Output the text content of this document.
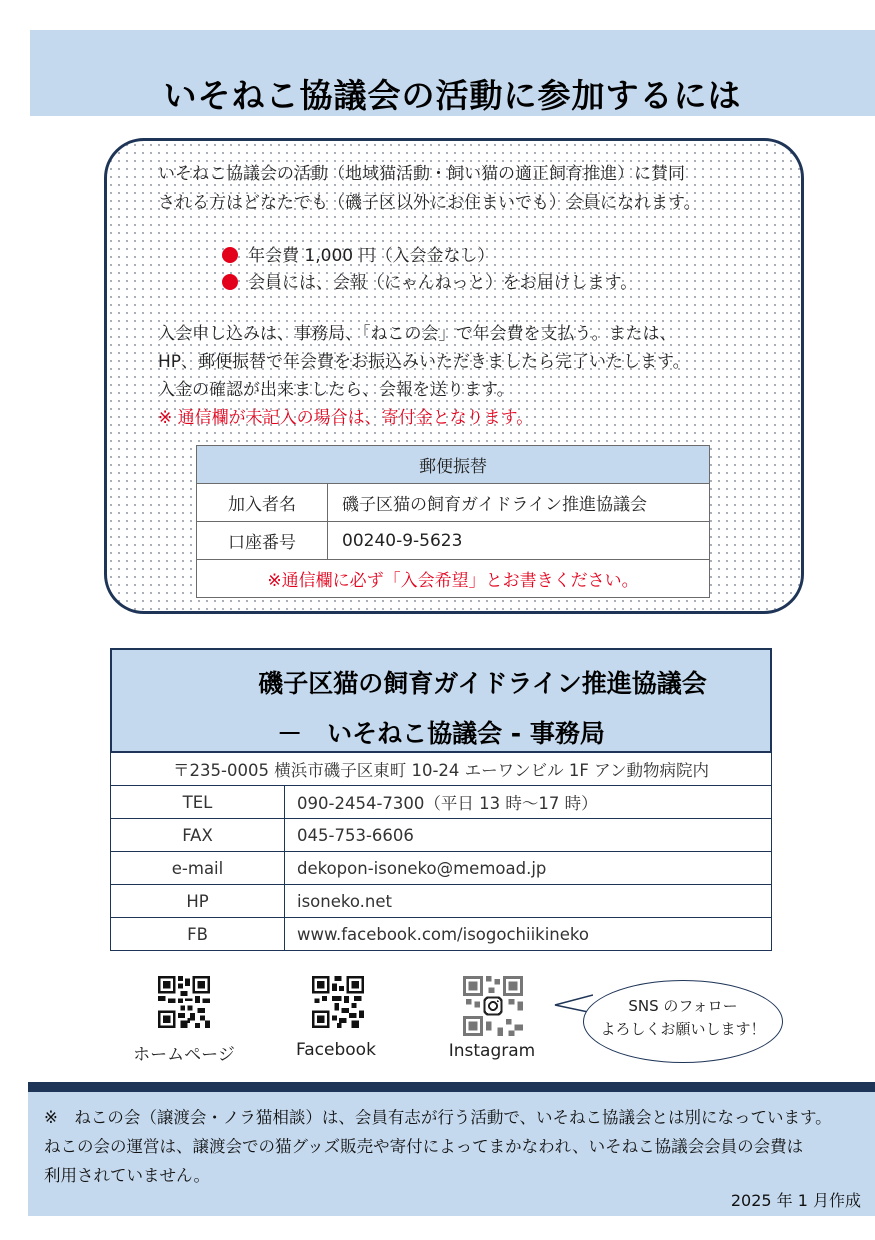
いそねこ協議会の活動に参加するには
いそねこ協議会の活動（地域猫活動・飼い猫の適正飼育推進）に賛同
される方はどなたでも（磯子区以外にお住まいでも）会員になれます。
年会費 1,000 円（入会金なし）
会員には、会報（にゃんねっと）をお届けします。
入会申し込みは、事務局、「ねこの会」で年会費を支払う。または、
HP、郵便振替で年会費をお振込みいただきましたら完了いたします。
入金の確認が出来ましたら、会報を送ります。
※ 通信欄が未記入の場合は、寄付金となります。
郵便振替	
加入者名	磯子区猫の飼育ガイドライン推進協議会
口座番号	00240-9-5623
※通信欄に必ず「入会希望」とお書きください。	
磯子区猫の飼育ガイドライン推進協議会
－　いそねこ協議会 - 事務局
〒235-0005 横浜市磯子区東町 10-24 エーワンビル 1F アン動物病院内	
TEL	090-2454-7300（平日 13 時～17 時）
FAX	045-753-6606
e-mail	dekopon-isoneko@memoad.jp
HP	isoneko.net
FB	www.facebook.com/isogochiikineko
ホームページ	Facebook	Instagram
SNS のフォロー
よろしくお願いします！
※　ねこの会（譲渡会・ノラ猫相談）は、会員有志が行う活動で、いそねこ協議会とは別になっています。
ねこの会の運営は、譲渡会での猫グッズ販売や寄付によってまかなわれ、いそねこ協議会会員の会費は
利用されていません。
2025 年 1 月作成
